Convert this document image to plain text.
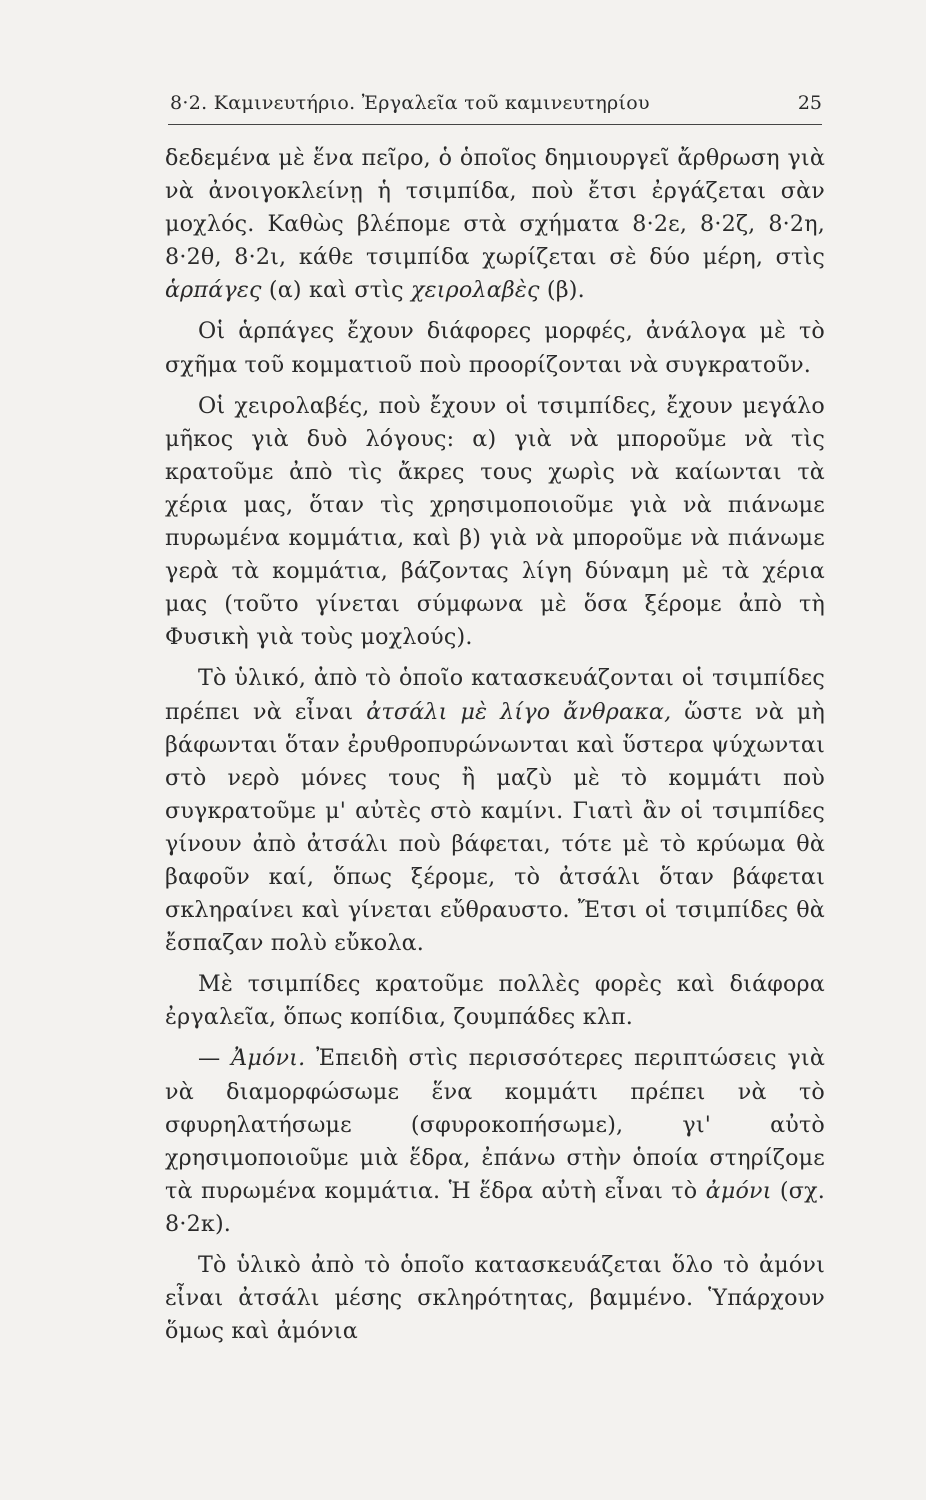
8·2. Καμινευτήριο. Ἐργαλεῖα τοῦ καμινευτηρίου	25

δεδεμένα μὲ ἕνα πεῖρο, ὁ ὁποῖος δημιουργεῖ ἄρθρωση γιὰ νὰ ἀνοιγοκλείνῃ ἡ τσιμπίδα, ποὺ ἔτσι ἐργάζεται σὰν μοχλός. Καθὼς βλέπομε στὰ σχήματα 8·2ε, 8·2ζ, 8·2η, 8·2θ, 8·2ι, κάθε τσιμπίδα χωρίζεται σὲ δύο μέρη, στὶς ἁρπάγες (α) καὶ στὶς χειρολαβὲς (β).

Οἱ ἁρπάγες ἔχουν διάφορες μορφές, ἀνάλογα μὲ τὸ σχῆμα τοῦ κομματιοῦ ποὺ προορίζονται νὰ συγκρατοῦν.

Οἱ χειρολαβές, ποὺ ἔχουν οἱ τσιμπίδες, ἔχουν μεγάλο μῆκος γιὰ δυὸ λόγους: α) γιὰ νὰ μποροῦμε νὰ τὶς κρατοῦμε ἀπὸ τὶς ἄκρες τους χωρὶς νὰ καίωνται τὰ χέρια μας, ὅταν τὶς χρησιμοποιοῦμε γιὰ νὰ πιάνωμε πυρωμένα κομμάτια, καὶ β) γιὰ νὰ μποροῦμε νὰ πιάνωμε γερὰ τὰ κομμάτια, βάζοντας λίγη δύναμη μὲ τὰ χέρια μας (τοῦτο γίνεται σύμφωνα μὲ ὅσα ξέρομε ἀπὸ τὴ Φυσικὴ γιὰ τοὺς μοχλούς).

Τὸ ὑλικό, ἀπὸ τὸ ὁποῖο κατασκευάζονται οἱ τσιμπίδες πρέπει νὰ εἶναι ἀτσάλι μὲ λίγο ἄνθρακα, ὥστε νὰ μὴ βάφωνται ὅταν ἐρυθροπυρώνωνται καὶ ὕστερα ψύχωνται στὸ νερὸ μόνες τους ἢ μαζὺ μὲ τὸ κομμάτι ποὺ συγκρατοῦμε μ' αὐτὲς στὸ καμίνι. Γιατὶ ἂν οἱ τσιμπίδες γίνουν ἀπὸ ἀτσάλι ποὺ βάφεται, τότε μὲ τὸ κρύωμα θὰ βαφοῦν καί, ὅπως ξέρομε, τὸ ἀτσάλι ὅταν βάφεται σκληραίνει καὶ γίνεται εὔθραυστο. Ἔτσι οἱ τσιμπίδες θὰ ἔσπαζαν πολὺ εὔκολα.

Μὲ τσιμπίδες κρατοῦμε πολλὲς φορὲς καὶ διάφορα ἐργαλεῖα, ὅπως κοπίδια, ζουμπάδες κλπ.

— Ἀμόνι. Ἐπειδὴ στὶς περισσότερες περιπτώσεις γιὰ νὰ διαμορφώσωμε ἕνα κομμάτι πρέπει νὰ τὸ σφυρηλατήσωμε (σφυροκοπήσωμε), γι' αὐτὸ χρησιμοποιοῦμε μιὰ ἕδρα, ἐπάνω στὴν ὁποία στηρίζομε τὰ πυρωμένα κομμάτια. Ἡ ἕδρα αὐτὴ εἶναι τὸ ἀμόνι (σχ. 8·2κ).

Τὸ ὑλικὸ ἀπὸ τὸ ὁποῖο κατασκευάζεται ὅλο τὸ ἀμόνι εἶναι ἀτσάλι μέσης σκληρότητας, βαμμένο. Ὑπάρχουν ὅμως καὶ ἀμόνια
